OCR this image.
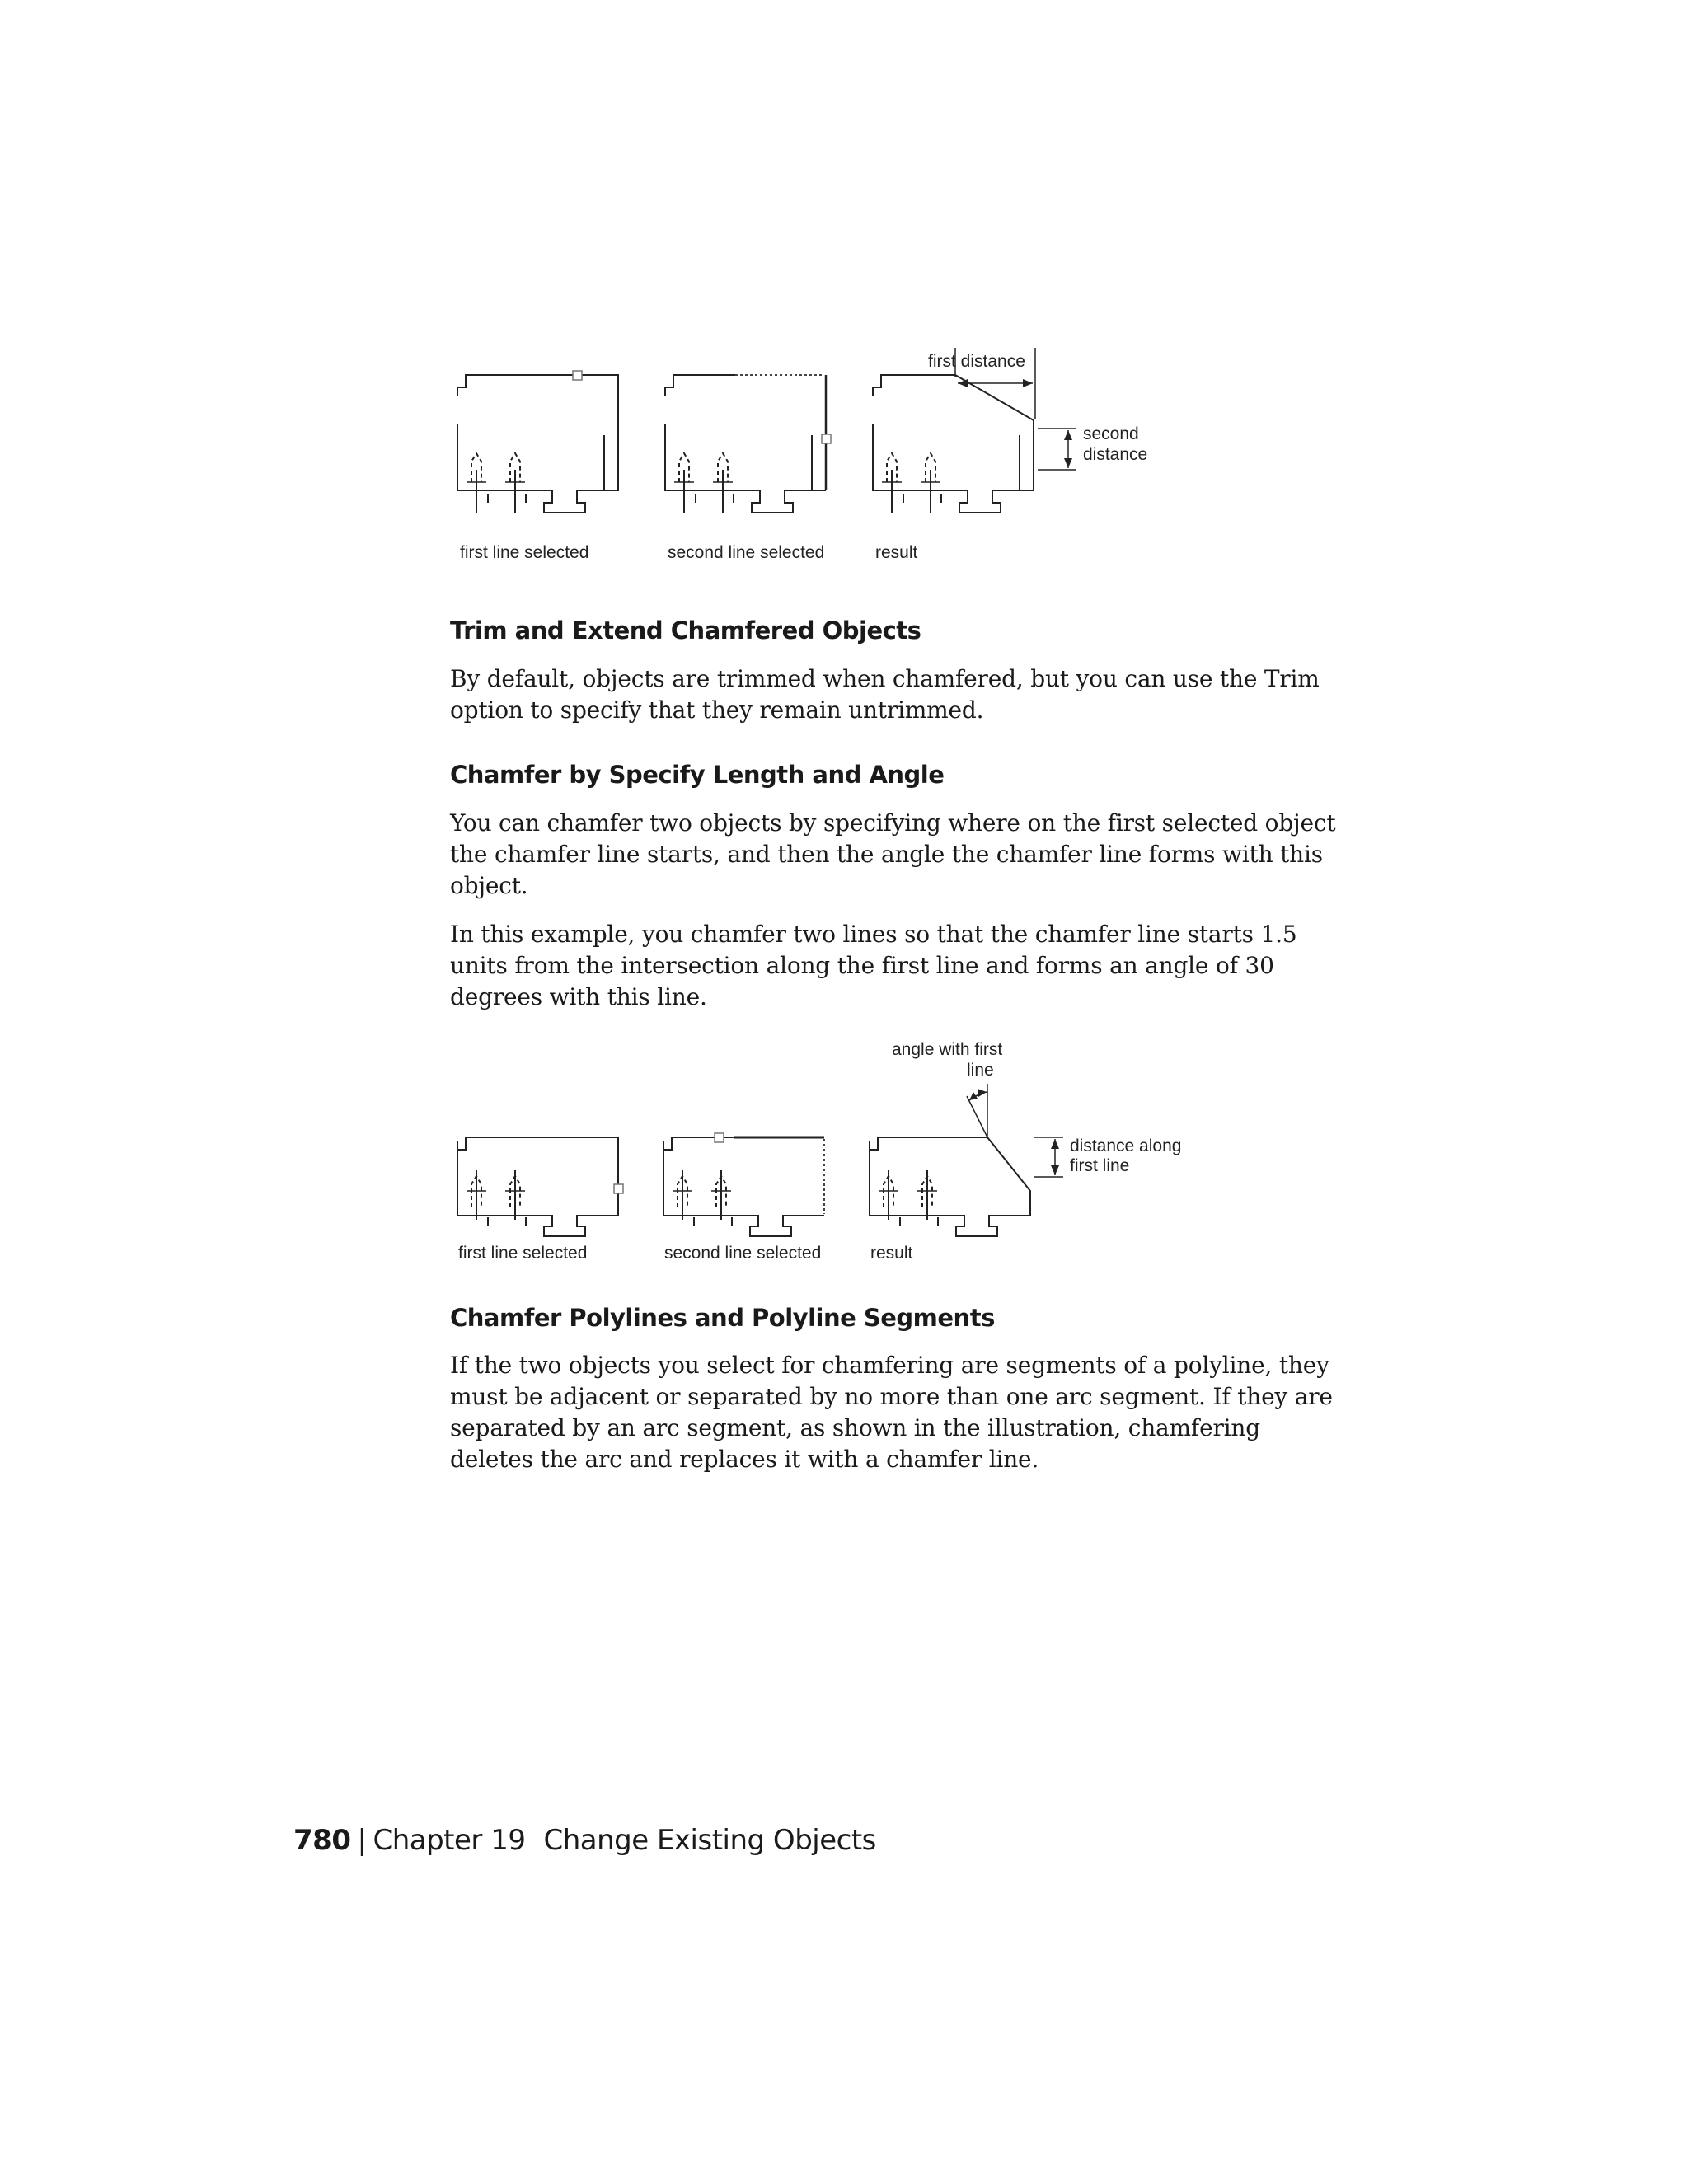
first line selected	second line selected
first distance
second
distance
result
Trim and Extend Chamfered Objects

By default, objects are trimmed when chamfered, but you can use the Trim option to specify that they remain untrimmed.

Chamfer by Specify Length and Angle

You can chamfer two objects by specifying where on the first selected object the chamfer line starts, and then the angle the chamfer line forms with this object.

In this example, you chamfer two lines so that the chamfer line starts 1.5 units from the intersection along the first line and forms an angle of 30 degrees with this line.

first line selected	second line selected
angle with first
line
distance along
first line
result
Chamfer Polylines and Polyline Segments

If the two objects you select for chamfering are segments of a polyline, they must be adjacent or separated by no more than one arc segment. If they are separated by an arc segment, as shown in the illustration, chamfering deletes the arc and replaces it with a chamfer line.

780 | Chapter 19 Change Existing Objects
